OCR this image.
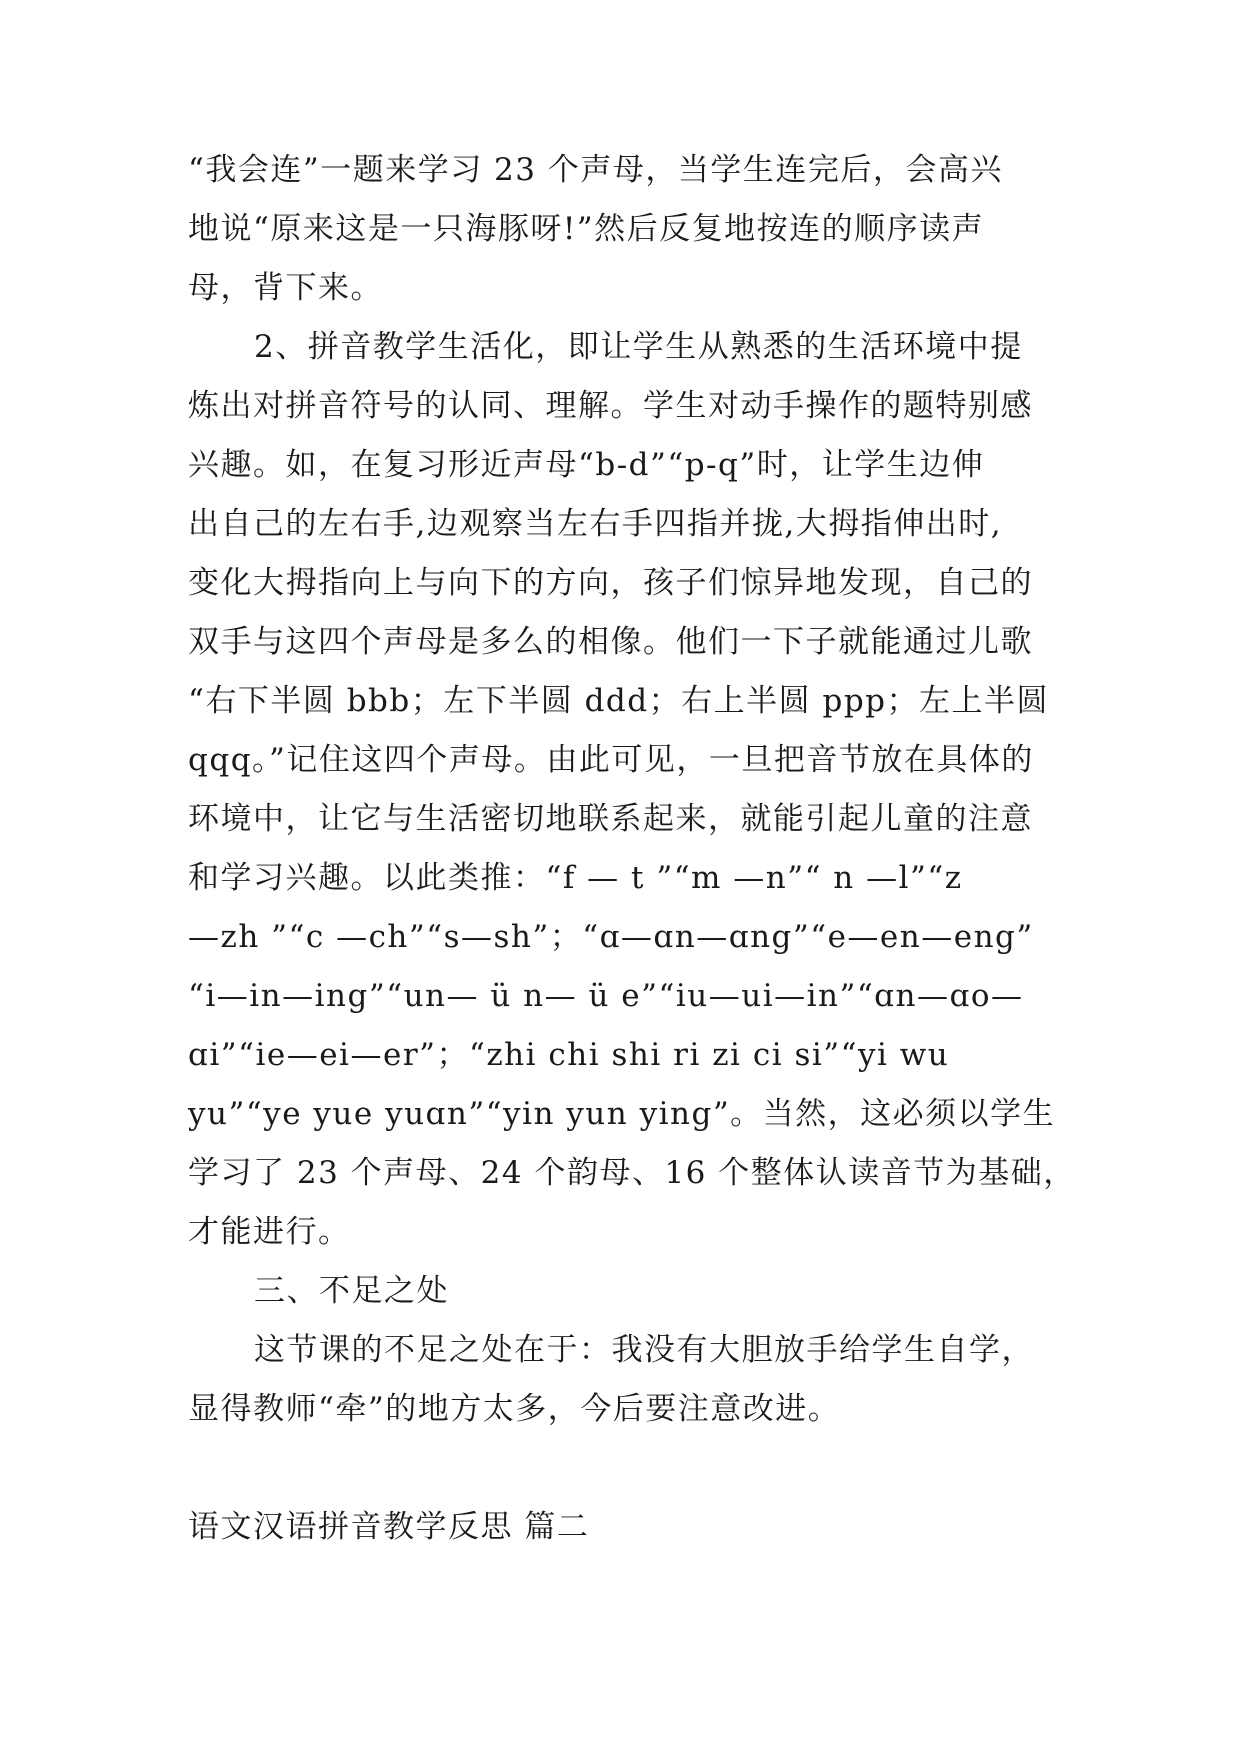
“我会连”一题来学习 23 个声母，当学生连完后，会高兴
地说“原来这是一只海豚呀!”然后反复地按连的顺序读声
母，背下来。
2、拼音教学生活化，即让学生从熟悉的生活环境中提
炼出对拼音符号的认同、理解。学生对动手操作的题特别感
兴趣。如，在复习形近声母“b-d”“p-q”时，让学生边伸
出自己的左右手,边观察当左右手四指并拢,大拇指伸出时,
变化大拇指向上与向下的方向，孩子们惊异地发现，自己的
双手与这四个声母是多么的相像。他们一下子就能通过儿歌
“右下半圆 bbb；左下半圆 ddd；右上半圆 ppp；左上半圆
qqq。”记住这四个声母。由此可见，一旦把音节放在具体的
环境中，让它与生活密切地联系起来，就能引起儿童的注意
和学习兴趣。以此类推：“f — t ”“m —n”“ n —l”“z
—zh ”“c —ch”“s—sh”；“ɑ—ɑn—ɑng”“e—en—eng”
“i—in—ing”“un— ü n— ü e”“iu—ui—in”“ɑn—ɑo—
ɑi”“ie—ei—er”；“zhi chi shi ri zi ci si”“yi wu
yu”“ye yue yuɑn”“yin yun ying”。当然，这必须以学生
学习了 23 个声母、24 个韵母、16 个整体认读音节为基础，
才能进行。
三、不足之处
这节课的不足之处在于：我没有大胆放手给学生自学，
显得教师“牵”的地方太多，今后要注意改进。
语文汉语拼音教学反思 篇二
